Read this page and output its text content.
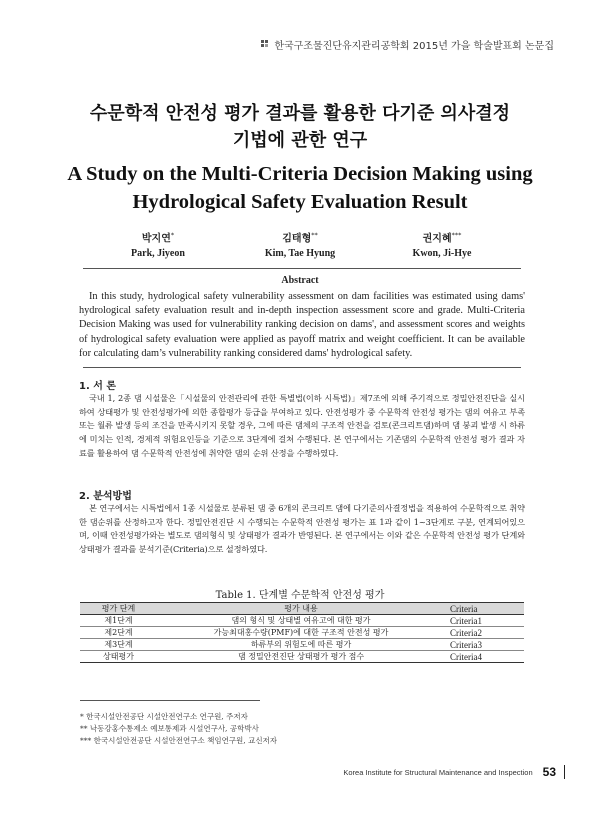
한국구조물진단유지관리공학회 2015년 가을 학술발표회 논문집
수문학적 안전성 평가 결과를 활용한 다기준 의사결정
기법에 관한 연구
A Study on the Multi-Criteria Decision Making using
Hydrological Safety Evaluation Result
박지연*
Park, Jiyeon
김태형**
Kim, Tae Hyung
권지혜***
Kwon, Ji-Hye
Abstract
In this study, hydrological safety vulnerability assessment on dam facilities was estimated using dams' hydrological safety evaluation result and in-depth inspection assessment score and grade. Multi-Criteria Decision Making was used for vulnerability ranking decision on dams', and assessment scores and weights of hydrological safety evaluation were applied as payoff matrix and weight coefficient. It can be available for calculating dam’s vulnerability ranking considered dams' hydrological safety.
1. 서 론
국내 1, 2종 댐 시설물은「시설물의 안전관리에 관한 특별법(이하 시특법)」제7조에 의해 주기적으로 정밀안전진단을 실시하여 상태평가 및 안전성평가에 의한 종합평가 등급을 부여하고 있다. 안전성평가 중 수문학적 안전성 평가는 댐의 여유고 부족 또는 월류 발생 등의 조건을 만족시키지 못할 경우, 그에 따른 댐체의 구조적 안전을 검토(콘크리트댐)하며 댐 붕괴 발생 시 하류에 미치는 인적, 경제적 위험요인등을 기준으로 3단계에 걸쳐 수행된다. 본 연구에서는 기존댐의 수문학적 안전성 평가 결과 자료를 활용하여 댐 수문학적 안전성에 취약한 댐의 순위 산정을 수행하였다.
2. 분석방법
본 연구에서는 시특법에서 1종 시설물로 분류된 댐 중 6개의 콘크리트 댐에 다기준의사결정법을 적용하여 수문학적으로 취약한 댐순위를 산정하고자 한다. 정밀안전진단 시 수행되는 수문학적 안전성 평가는 표 1과 같이 1~3단계로 구분, 연계되어있으며, 이때 안전성평가와는 별도로 댐의형식 및 상태평가 결과가 반영된다. 본 연구에서는 이와 같은 수문학적 안전성 평가 단계와 상태평가 결과를 분석기준(Criteria)으로 설정하였다.
Table 1. 단계별 수문학적 안전성 평가
평가 단계	평가 내용	Criteria
제1단계	댐의 형식 및 상태별 여유고에 대한 평가	Criteria1
제2단계	가능최대홍수량(PMF)에 대한 구조적 안전성 평가	Criteria2
제3단계	하류부의 위험도에 따른 평가	Criteria3
상태평가	댐 정밀안전진단 상태평가 평가 점수	Criteria4
* 한국시설안전공단 시설안전연구소 연구원, 주저자
** 낙동강홍수통제소 예보통제과 시설연구사, 공학박사
*** 한국시설안전공단 시설안전연구소 책임연구원, 교신저자
Korea Institute for Structural Maintenance and Inspection 53
